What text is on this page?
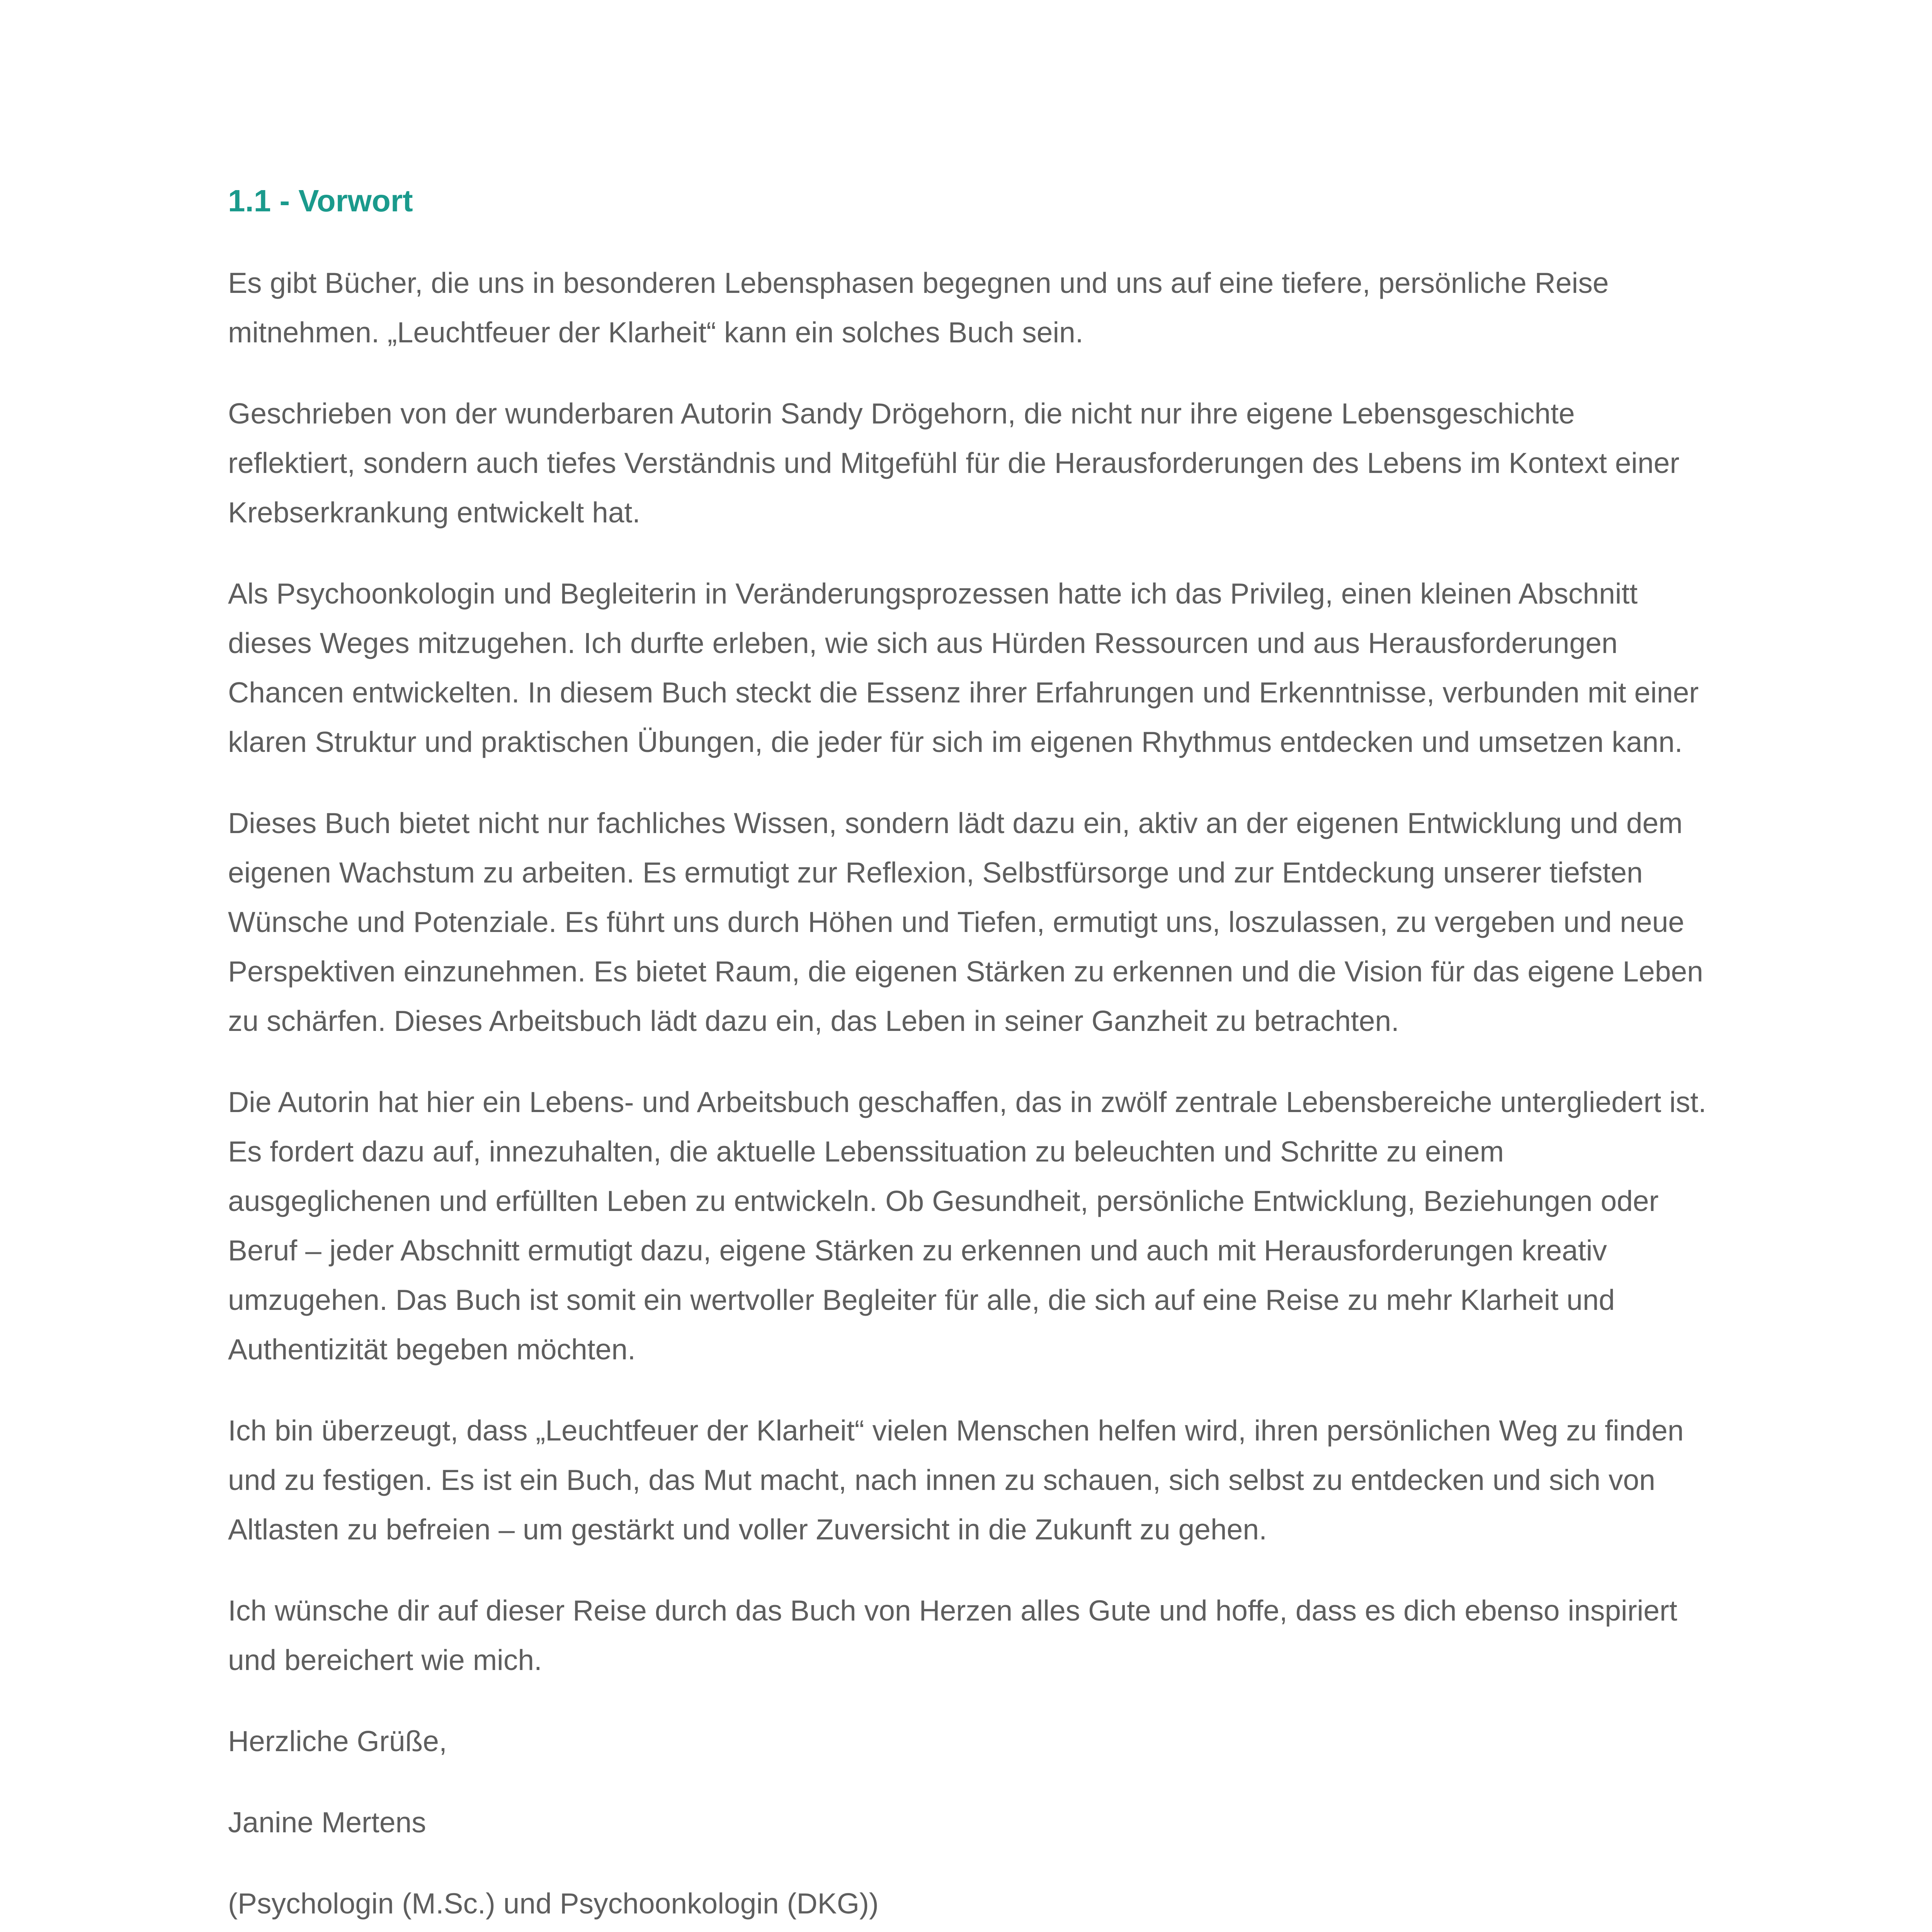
1.1 - Vorwort

Es gibt Bücher, die uns in besonderen Lebensphasen begegnen und uns auf eine tiefere, persönliche Reise mitnehmen. „Leuchtfeuer der Klarheit“ kann ein solches Buch sein.

Geschrieben von der wunderbaren Autorin Sandy Drögehorn, die nicht nur ihre eigene Lebensgeschichte reflektiert, sondern auch tiefes Verständnis und Mitgefühl für die Herausforderungen des Lebens im Kontext einer Krebserkrankung entwickelt hat.

Als Psychoonkologin und Begleiterin in Veränderungsprozessen hatte ich das Privileg, einen kleinen Abschnitt dieses Weges mitzugehen. Ich durfte erleben, wie sich aus Hürden Ressourcen und aus Herausforderungen Chancen entwickelten. In diesem Buch steckt die Essenz ihrer Erfahrungen und Erkenntnisse, verbunden mit einer klaren Struktur und praktischen Übungen, die jeder für sich im eigenen Rhythmus entdecken und umsetzen kann.

Dieses Buch bietet nicht nur fachliches Wissen, sondern lädt dazu ein, aktiv an der eigenen Entwicklung und dem eigenen Wachstum zu arbeiten. Es ermutigt zur Reflexion, Selbstfürsorge und zur Entdeckung unserer tiefsten Wünsche und Potenziale. Es führt uns durch Höhen und Tiefen, ermutigt uns, loszulassen, zu vergeben und neue Perspektiven einzunehmen. Es bietet Raum, die eigenen Stärken zu erkennen und die Vision für das eigene Leben zu schärfen. Dieses Arbeitsbuch lädt dazu ein, das Leben in seiner Ganzheit zu betrachten.

Die Autorin hat hier ein Lebens- und Arbeitsbuch geschaffen, das in zwölf zentrale Lebensbereiche untergliedert ist. Es fordert dazu auf, innezuhalten, die aktuelle Lebenssituation zu beleuchten und Schritte zu einem ausgeglichenen und erfüllten Leben zu entwickeln. Ob Gesundheit, persönliche Entwicklung, Beziehungen oder Beruf – jeder Abschnitt ermutigt dazu, eigene Stärken zu erkennen und auch mit Herausforderungen kreativ umzugehen. Das Buch ist somit ein wertvoller Begleiter für alle, die sich auf eine Reise zu mehr Klarheit und Authentizität begeben möchten.

Ich bin überzeugt, dass „Leuchtfeuer der Klarheit“ vielen Menschen helfen wird, ihren persönlichen Weg zu finden und zu festigen. Es ist ein Buch, das Mut macht, nach innen zu schauen, sich selbst zu entdecken und sich von Altlasten zu befreien – um gestärkt und voller Zuversicht in die Zukunft zu gehen.

Ich wünsche dir auf dieser Reise durch das Buch von Herzen alles Gute und hoffe, dass es dich ebenso inspiriert und bereichert wie mich.

Herzliche Grüße,

Janine Mertens

(Psychologin (M.Sc.) und Psychoonkologin (DKG))
